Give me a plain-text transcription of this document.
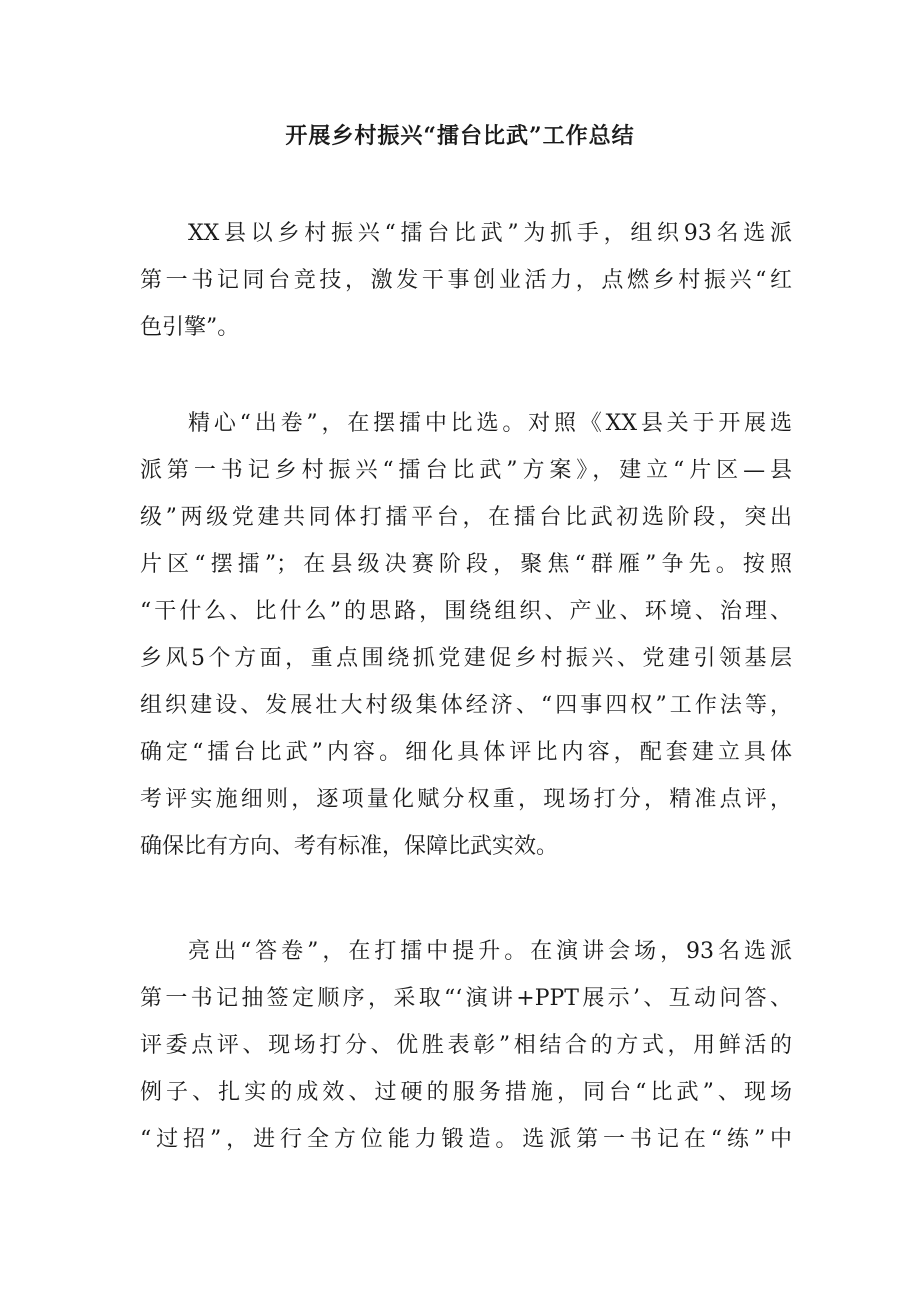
开展乡村振兴“擂台比武”工作总结
XX县以乡村振兴“擂台比武”为抓手，组织93名选派
第一书记同台竞技，激发干事创业活力，点燃乡村振兴“红
色引擎”。
精心“出卷”，在摆擂中比选。对照《XX县关于开展选
派第一书记乡村振兴“擂台比武”方案》，建立“片区—县
级”两级党建共同体打擂平台，在擂台比武初选阶段，突出
片区“摆擂”；在县级决赛阶段，聚焦“群雁”争先。按照
“干什么、比什么”的思路，围绕组织、产业、环境、治理、
乡风5个方面，重点围绕抓党建促乡村振兴、党建引领基层
组织建设、发展壮大村级集体经济、“四事四权”工作法等，
确定“擂台比武”内容。细化具体评比内容，配套建立具体
考评实施细则，逐项量化赋分权重，现场打分，精准点评，
确保比有方向、考有标准，保障比武实效。
亮出“答卷”，在打擂中提升。在演讲会场，93名选派
第一书记抽签定顺序，采取“‘演讲+PPT展示’、互动问答、
评委点评、现场打分、优胜表彰”相结合的方式，用鲜活的
例子、扎实的成效、过硬的服务措施，同台“比武”、现场
“过招”，进行全方位能力锻造。选派第一书记在“练”中
